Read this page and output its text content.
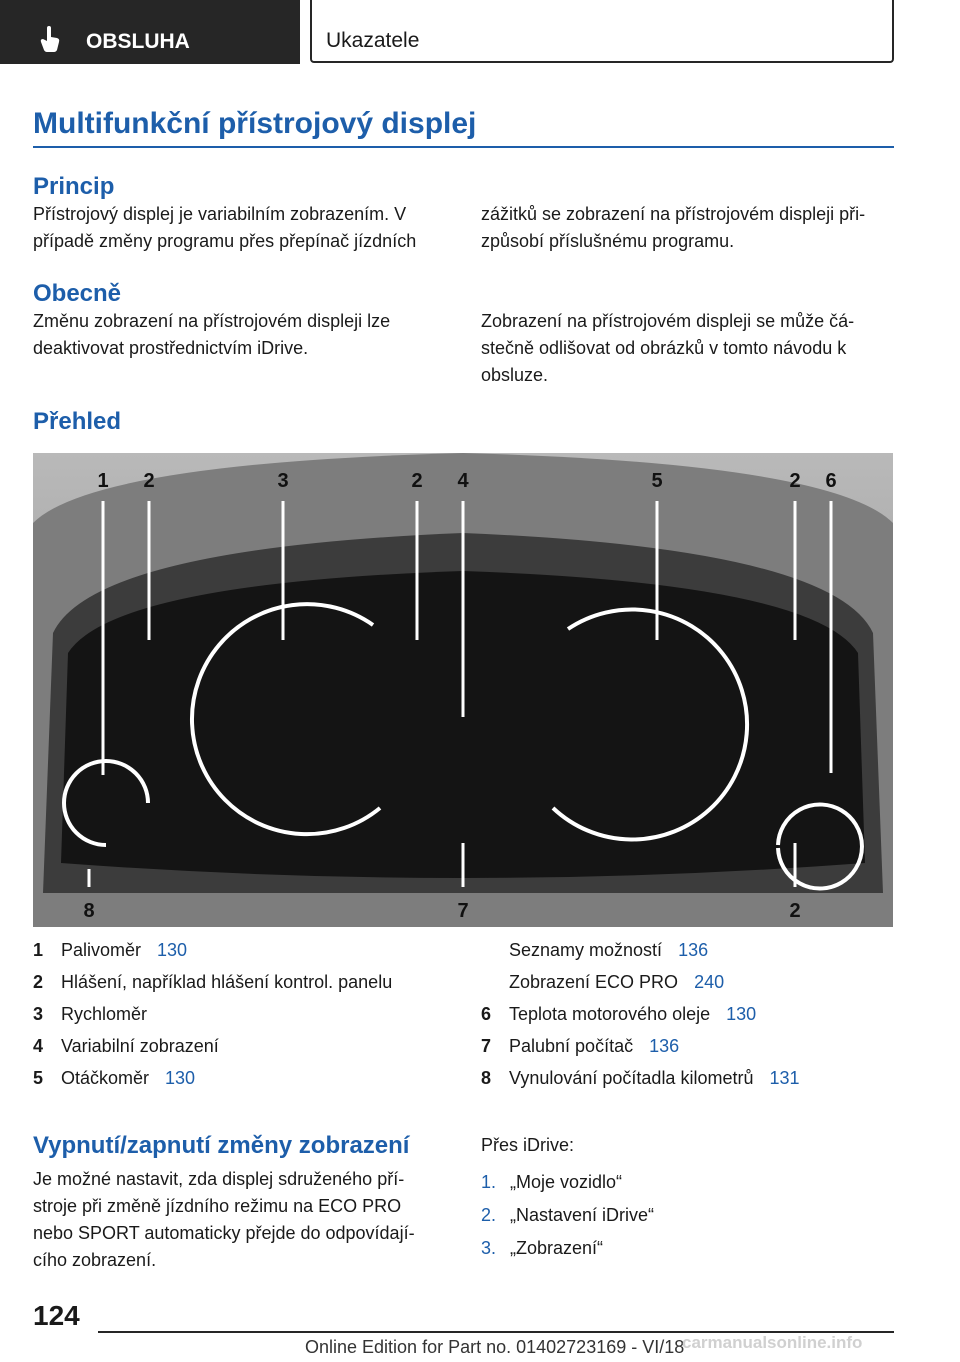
OBSLUHA	Ukazatele
Multifunkční přístrojový displej
Princip

Přístrojový displej je variabilním zobrazením. V případě změny programu přes přepínač jízdních

zážitků se zobrazení na přístrojovém displeji při-způsobí příslušnému programu.

Obecně

Změnu zobrazení na přístrojovém displeji lze deaktivovat prostřednictvím iDrive.

Zobrazení na přístrojovém displeji se může čá-stečně odlišovat od obrázků v tomto návodu k obsluze.

Přehled
1 2	3	2 4	5	2 6
8	7	2
1 Palivoměr 130
2 Hlášení, například hlášení kontrol. panelu
3 Rychloměr
4 Variabilní zobrazení
5 Otáčkoměr 130
Seznamy možností 136
Zobrazení ECO PRO 240
6 Teplota motorového oleje 130
7 Palubní počítač 136
8 Vynulování počítadla kilometrů 131
Vypnutí/zapnutí změny zobrazení

Je možné nastavit, zda displej sdruženého pří-stroje při změně jízdního režimu na ECO PRO nebo SPORT automaticky přejde do odpovídají-cího zobrazení.

Přes iDrive:

1. „Moje vozidlo“
2. „Nastavení iDrive“
3. „Zobrazení“
124
Online Edition for Part no. 01402723169 - VI/18
carmanualsonline.info
